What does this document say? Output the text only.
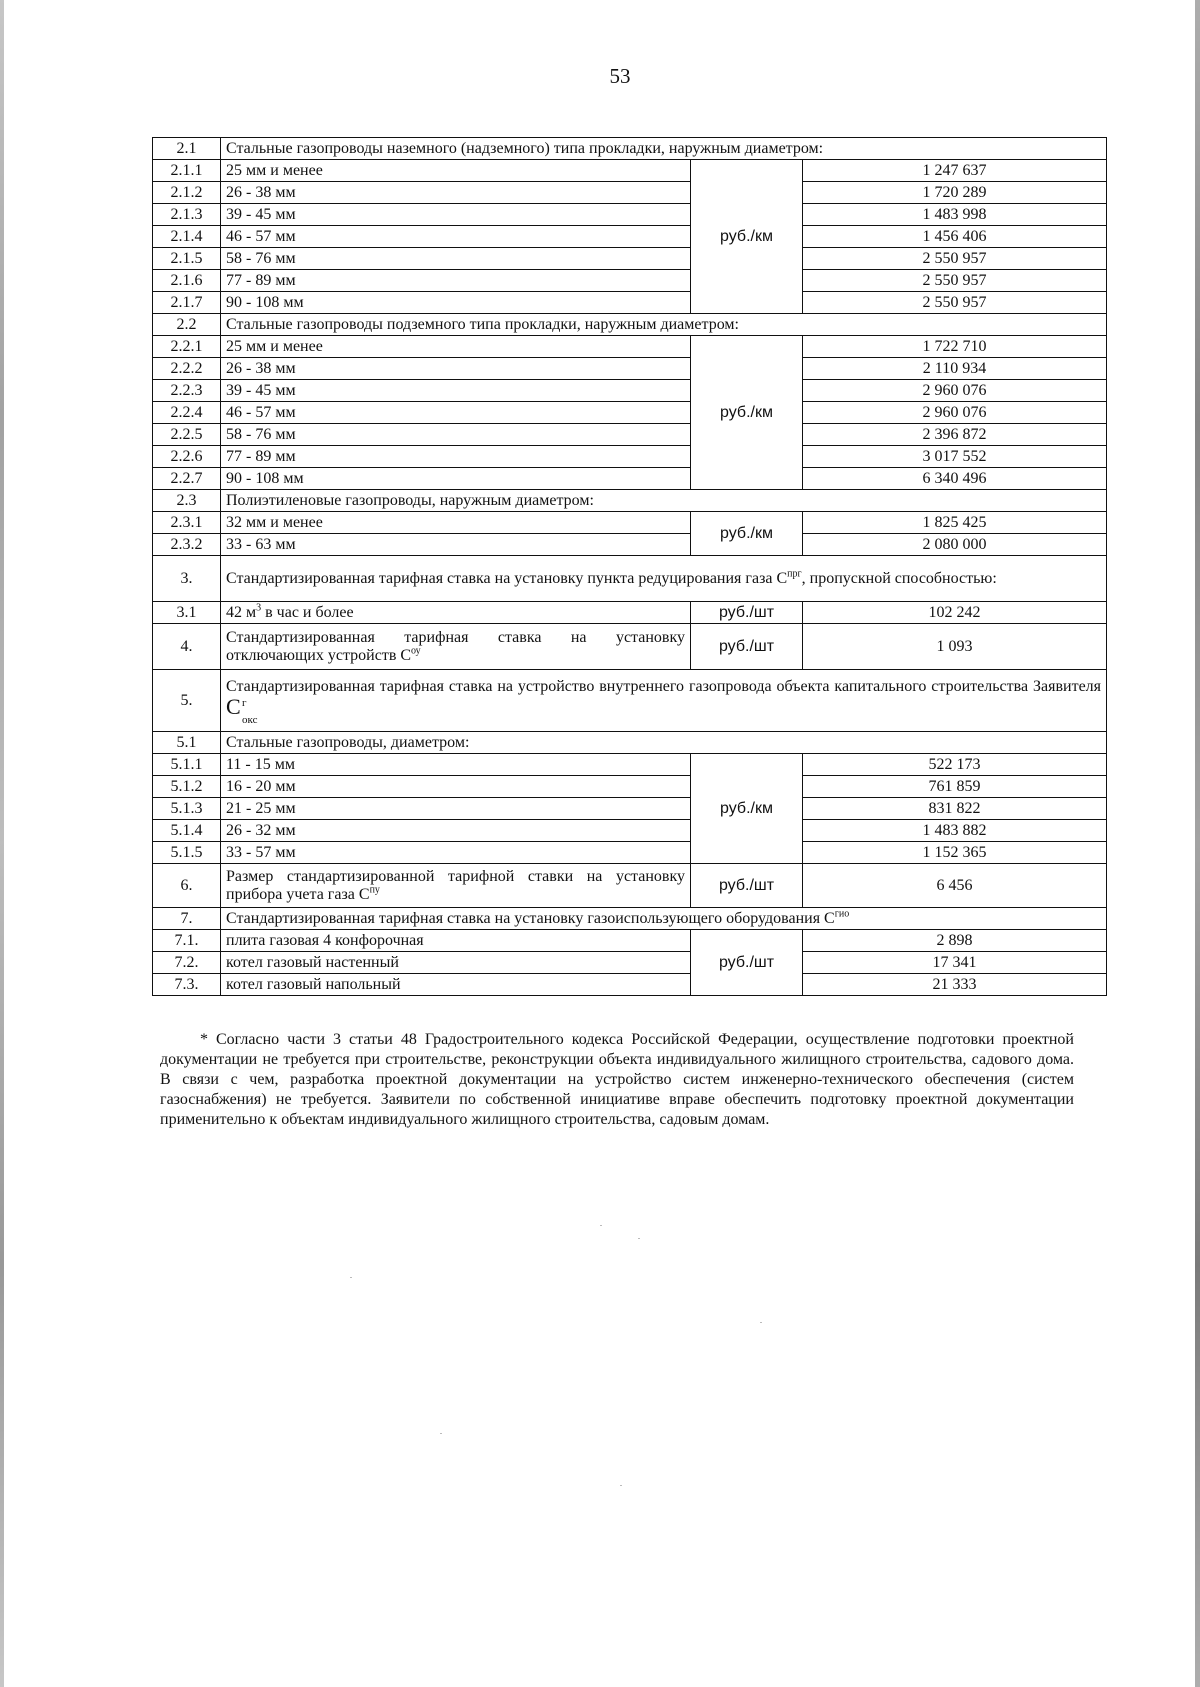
53
2.1	Стальные газопроводы наземного (надземного) типа прокладки, наружным диаметром:		
2.1.1	25 мм и менее	руб./км	1 247 637
2.1.2	26 - 38 мм		1 720 289
2.1.3	39 - 45 мм		1 483 998
2.1.4	46 - 57 мм		1 456 406
2.1.5	58 - 76 мм		2 550 957
2.1.6	77 - 89 мм		2 550 957
2.1.7	90 - 108 мм		2 550 957
2.2	Стальные газопроводы подземного типа прокладки, наружным диаметром:		
2.2.1	25 мм и менее	руб./км	1 722 710
2.2.2	26 - 38 мм		2 110 934
2.2.3	39 - 45 мм		2 960 076
2.2.4	46 - 57 мм		2 960 076
2.2.5	58 - 76 мм		2 396 872
2.2.6	77 - 89 мм		3 017 552
2.2.7	90 - 108 мм		6 340 496
2.3	Полиэтиленовые газопроводы, наружным диаметром:		
2.3.1	32 мм и менее	руб./км	1 825 425
2.3.2	33 - 63 мм		2 080 000
3.	Стандартизированная тарифная ставка на установку пункта редуцирования газа $С^{прг}$, пропускной способностью:		
3.1	42 $м^3$ в час и более	руб./шт	102 242
4.	Стандартизированная тарифная ставка на установку отключающих устройств $С^{оу}$	руб./шт	1 093
5.	Стандартизированная тарифная ставка на устройство внутреннего газопровода объекта капитального строительства Заявителя
С г
окс		

5.1	Стальные газопроводы, диаметром:		
5.1.1	11 - 15 мм	руб./км	522 173
5.1.2	16 - 20 мм		761 859
5.1.3	21 - 25 мм		831 822
5.1.4	26 - 32 мм		1 483 882
5.1.5	33 - 57 мм		1 152 365
6.	Размер стандартизированной тарифной ставки на установку прибора учета газа $С^{пу}$	руб./шт	6 456
7.	Стандартизированная тарифная ставка на установку газоиспользующего оборудования $С^{гио}$
7.1.	плита газовая 4 конфорочная	руб./шт	2 898
7.2.	котел газовый настенный		17 341
7.3.	котел газовый напольный		21 333

* Согласно части 3 статьи 48 Градостроительного кодекса Российской Федерации, осуществление подготовки проектной документации не требуется при строительстве, реконструкции объекта индивидуального жилищного строительства, садового дома. В связи с чем, разработка проектной документации на устройство систем инженерно-технического обеспечения (систем газоснабжения) не требуется. Заявители по собственной инициативе вправе обеспечить подготовку проектной документации применительно к объектам индивидуального жилищного строительства, садовым домам.
